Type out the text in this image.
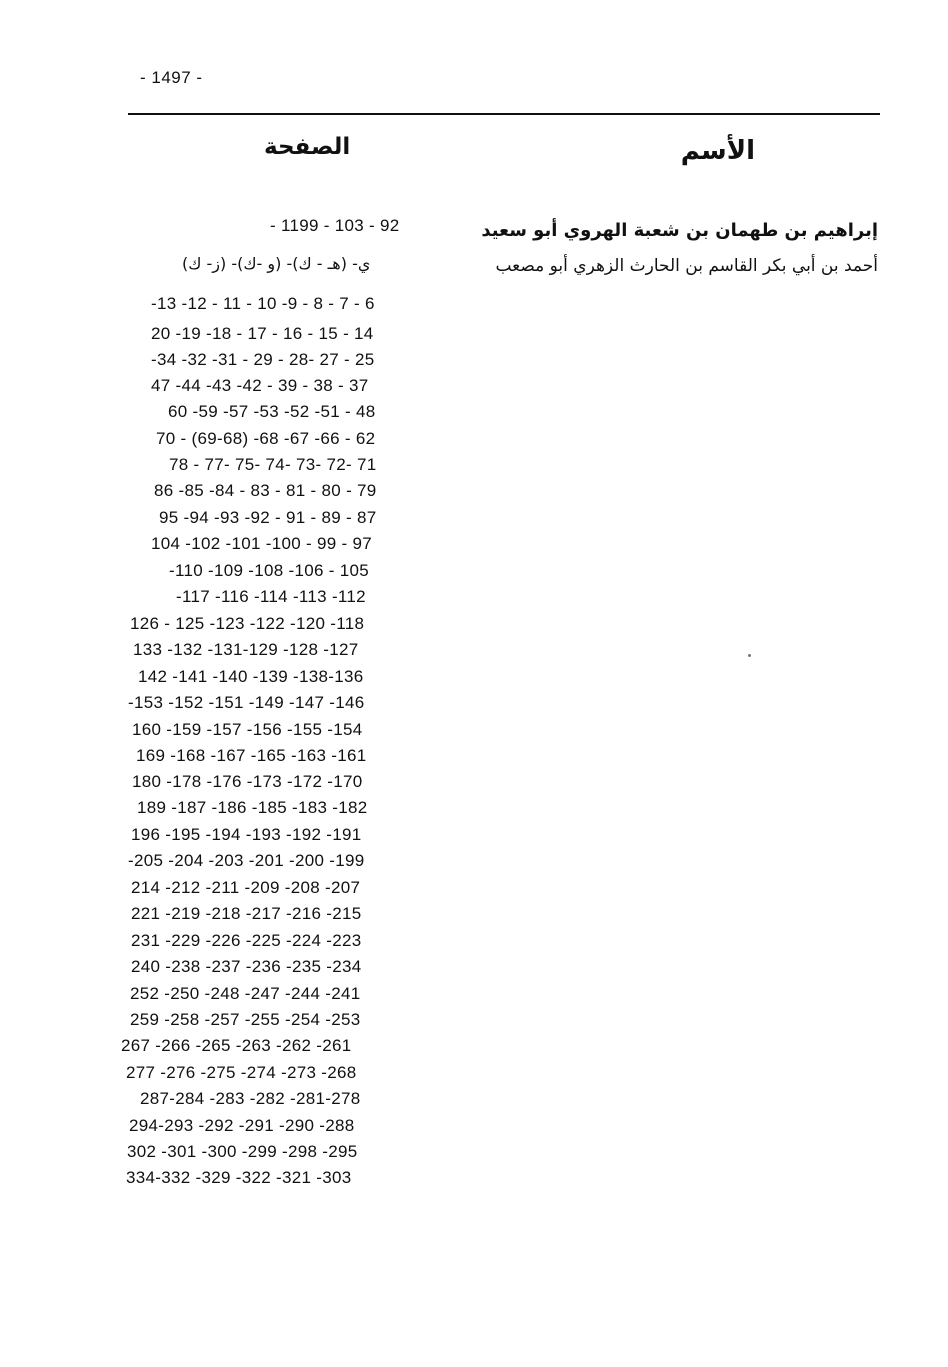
- 1497 -
الأسم
الصفحة
إبراهيم بن طهمان بن شعبة الهروي أبو سعيد
أحمد بن أبي بكر القاسم بن الحارث الزهري أبو مصعب
- 1199 - 103 - 92
ي- (هـ - ك)- (و -ك)- (ز- ك)
-13 -12 - 11 - 10 -9 - 8 - 7 - 6
20 -19 -18 - 17 - 16 - 15 - 14
-34 -32 -31 - 29 - 28- 27 - 25
47 -44 -43 -42 - 39 - 38 - 37
60 -59 -57 -53 -52 -51 - 48
70 - (69-68) -68 -67 -66 - 62
78 - 77- 75- 74- 73- 72- 71
86 -85 -84 - 83 - 81 - 80 - 79
95 -94 -93 -92 - 91 - 89 - 87
104 -102 -101 -100 - 99 - 97
-110 -109 -108 -106 - 105
-117 -116 -114 -113 -112
126 - 125 -123 -122 -120 -118
133 -132 -131-129 -128 -127
142 -141 -140 -139 -138-136
-153 -152 -151 -149 -147 -146
160 -159 -157 -156 -155 -154
169 -168 -167 -165 -163 -161
180 -178 -176 -173 -172 -170
189 -187 -186 -185 -183 -182
196 -195 -194 -193 -192 -191
-205 -204 -203 -201 -200 -199
214 -212 -211 -209 -208 -207
221 -219 -218 -217 -216 -215
231 -229 -226 -225 -224 -223
240 -238 -237 -236 -235 -234
252 -250 -248 -247 -244 -241
259 -258 -257 -255 -254 -253
267 -266 -265 -263 -262 -261
277 -276 -275 -274 -273 -268
287-284 -283 -282 -281-278
294-293 -292 -291 -290 -288
302 -301 -300 -299 -298 -295
334-332 -329 -322 -321 -303
